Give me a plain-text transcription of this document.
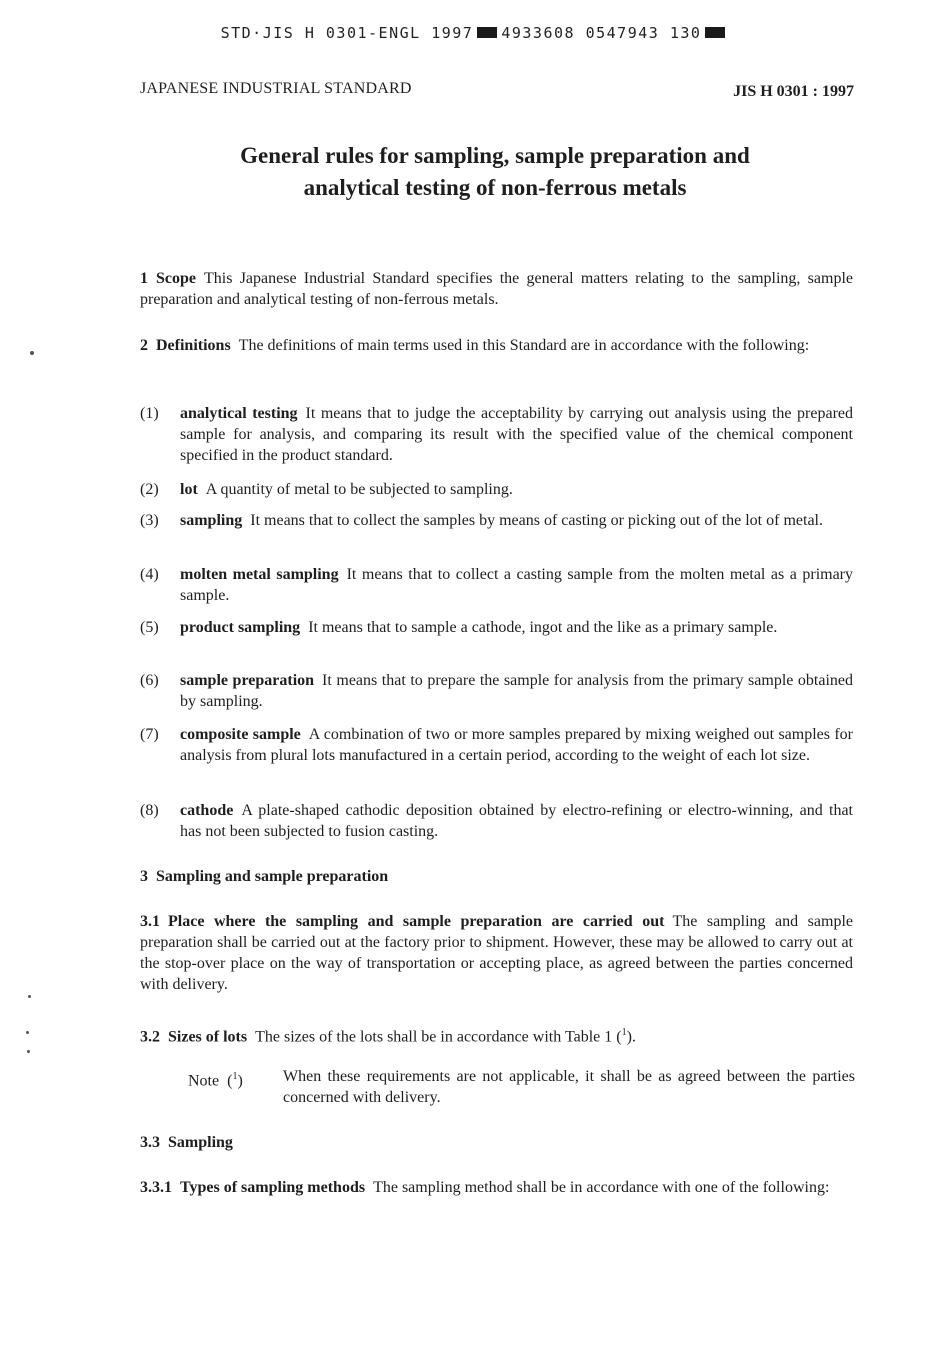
STD·JIS H 0301-ENGL 1997 4933608 0547943 130
JAPANESE INDUSTRIAL STANDARD	JIS H 0301 : 1997
General rules for sampling, sample preparation and
analytical testing of non-ferrous metals
1 Scope This Japanese Industrial Standard specifies the general matters relating to the sampling, sample preparation and analytical testing of non-ferrous metals.
2 Definitions The definitions of main terms used in this Standard are in accordance with the following:
(1) analytical testing It means that to judge the acceptability by carrying out analysis using the prepared sample for analysis, and comparing its result with the specified value of the chemical component specified in the product standard.
(2) lot A quantity of metal to be subjected to sampling.
(3) sampling It means that to collect the samples by means of casting or picking out of the lot of metal.
(4) molten metal sampling It means that to collect a casting sample from the molten metal as a primary sample.
(5) product sampling It means that to sample a cathode, ingot and the like as a primary sample.
(6) sample preparation It means that to prepare the sample for analysis from the primary sample obtained by sampling.
(7) composite sample A combination of two or more samples prepared by mixing weighed out samples for analysis from plural lots manufactured in a certain period, according to the weight of each lot size.
(8) cathode A plate-shaped cathodic deposition obtained by electro-refining or electro-winning, and that has not been subjected to fusion casting.
3 Sampling and sample preparation
3.1 Place where the sampling and sample preparation are carried out The sampling and sample preparation shall be carried out at the factory prior to shipment. However, these may be allowed to carry out at the stop-over place on the way of transportation or accepting place, as agreed between the parties concerned with delivery.
3.2 Sizes of lots The sizes of the lots shall be in accordance with Table 1 ($^1$).
Note ($^1$)	When these requirements are not applicable, it shall be as agreed between the parties concerned with delivery.
3.3 Sampling
3.3.1 Types of sampling methods The sampling method shall be in accordance with one of the following:
